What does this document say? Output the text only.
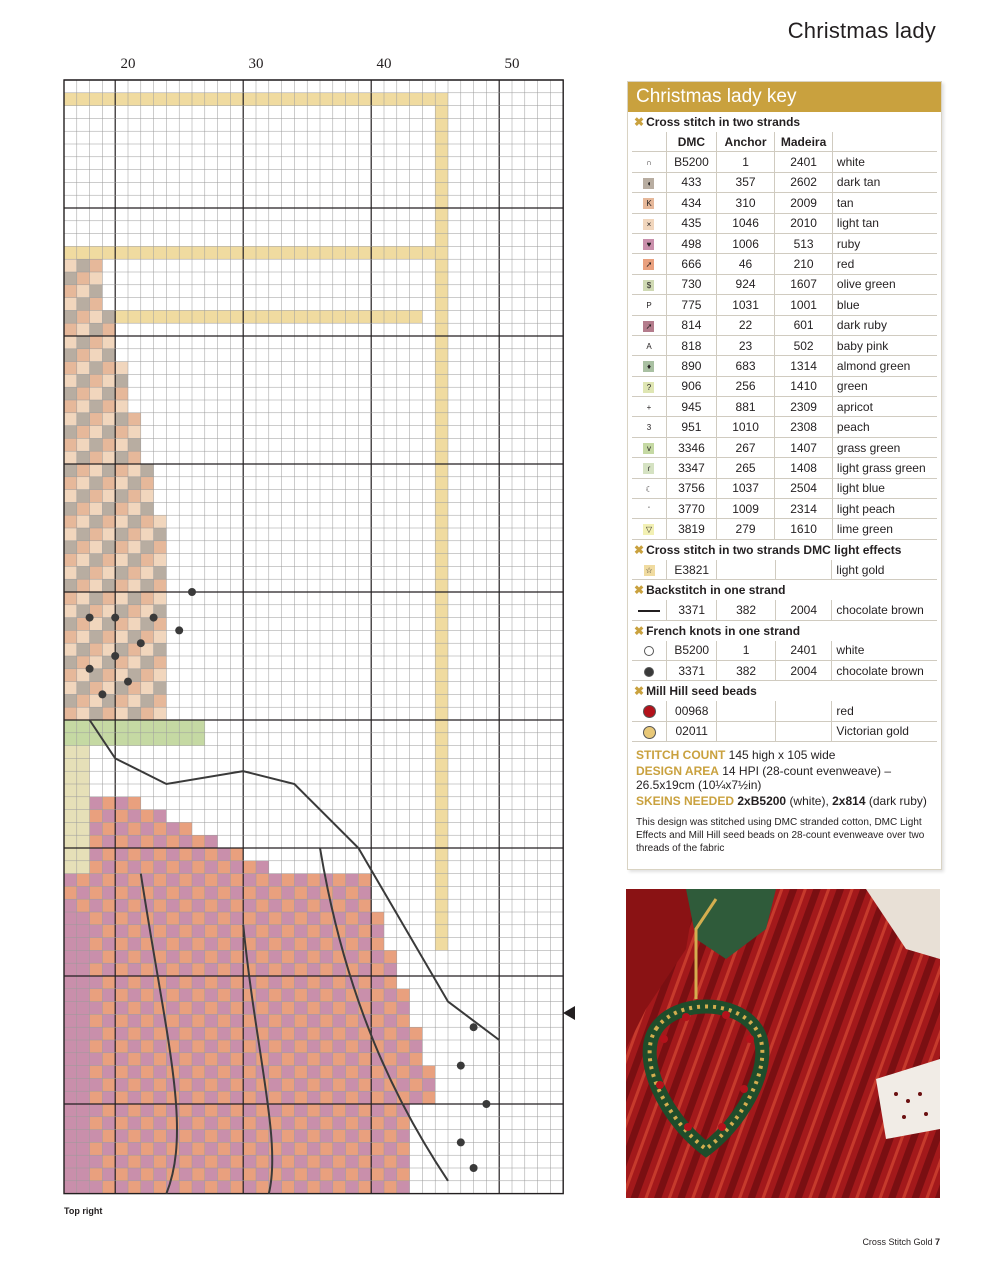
Christmas lady
20	30	40	50
Top right
Christmas lady key
✖ Cross stitch in two strands
	DMC	Anchor	Madeira	
∩	B5200	1	2401	white
◖	433	357	2602	dark tan
K	434	310	2009	tan
×	435	1046	2010	light tan
♥	498	1006	513	ruby
➚	666	46	210	red
$	730	924	1607	olive green
P	775	1031	1001	blue
➚	814	22	601	dark ruby
A	818	23	502	baby pink
♦	890	683	1314	almond green
?	906	256	1410	green
+	945	881	2309	apricot
3	951	1010	2308	peach
v	3346	267	1407	grass green
ɾ	3347	265	1408	light grass green
☾	3756	1037	2504	light blue
ʻ	3770	1009	2314	light peach
▽	3819	279	1610	lime green
✖ Cross stitch in two strands DMC light effects
☆	E3821			light gold
✖ Backstitch in one strand
	3371	382	2004	chocolate brown
✖ French knots in one strand
	B5200	1	2401	white
	3371	382	2004	chocolate brown
✖ Mill Hill seed beads
	00968			red
	02011			Victorian gold

STITCH COUNT 145 high x 105 wide

DESIGN AREA 14 HPI (28-count evenweave) – 26.5x19cm (10¼x7½in)

SKEINS NEEDED 2xB5200 (white), 2x814 (dark ruby)

This design was stitched using DMC stranded cotton, DMC Light Effects and Mill Hill seed beads on 28-count evenweave over two threads of the fabric

Cross Stitch Gold 7
